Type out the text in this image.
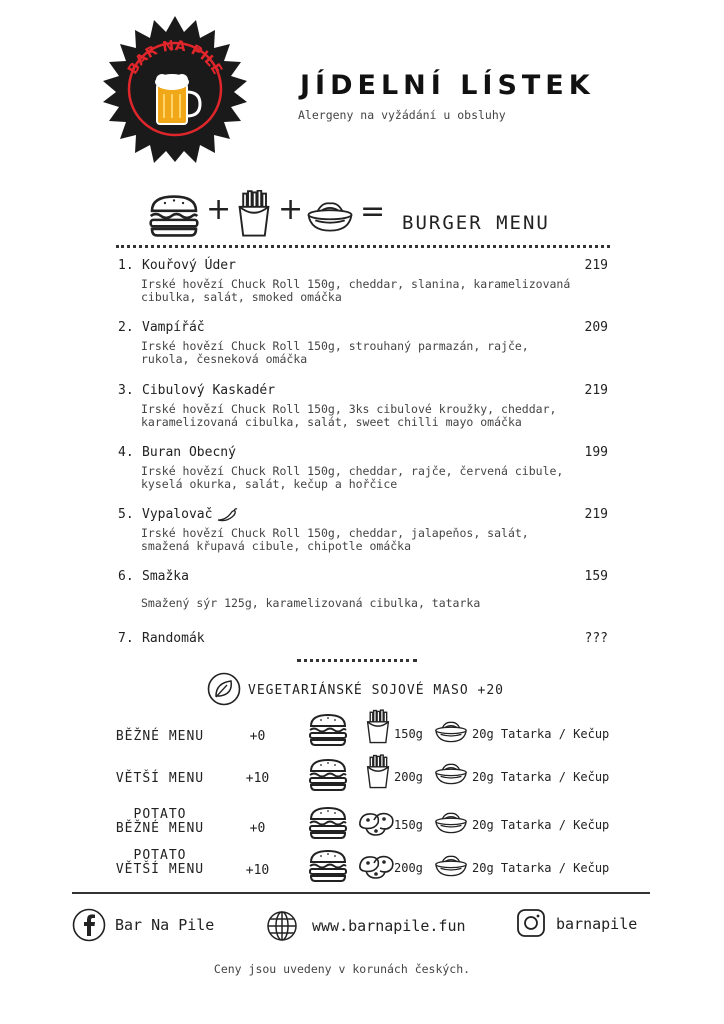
BAR NA PILE
JÍDELNÍ LÍSTEK
Alergeny na vyžádání u obsluhy
+ + = BURGER MENU
1. Kouřový Úder	219
Irské hovězí Chuck Roll 150g, cheddar, slanina, karamelizovaná cibulka, salát, smoked omáčka
2. Vampířáč	209
Irské hovězí Chuck Roll 150g, strouhaný parmazán, rajče, rukola, česneková omáčka
3. Cibulový Kaskadér	219
Irské hovězí Chuck Roll 150g, 3ks cibulové kroužky, cheddar, karamelizovaná cibulka, salát, sweet chilli mayo omáčka
4. Buran Obecný	199
Irské hovězí Chuck Roll 150g, cheddar, rajče, červená cibule, kyselá okurka, salát, kečup a hořčice
5. Vypalovač	219
Irské hovězí Chuck Roll 150g, cheddar, jalapeňos, salát, smažená křupavá cibule, chipotle omáčka
6. Smažka	159
Smažený sýr 125g, karamelizovaná cibulka, tatarka
7. Randomák	???
VEGETARIÁNSKÉ SOJOVÉ MASO +20
BĚŽNÉ MENU	+0	150g	20g Tatarka / Kečup
VĚTŠÍ MENU	+10	200g	20g Tatarka / Kečup
POTATO
BĚŽNÉ MENU	+0	150g	20g Tatarka / Kečup
POTATO
VĚTŠÍ MENU	+10	200g	20g Tatarka / Kečup
Bar Na Pile	www.barnapile.fun	barnapile
Ceny jsou uvedeny v korunách českých.
